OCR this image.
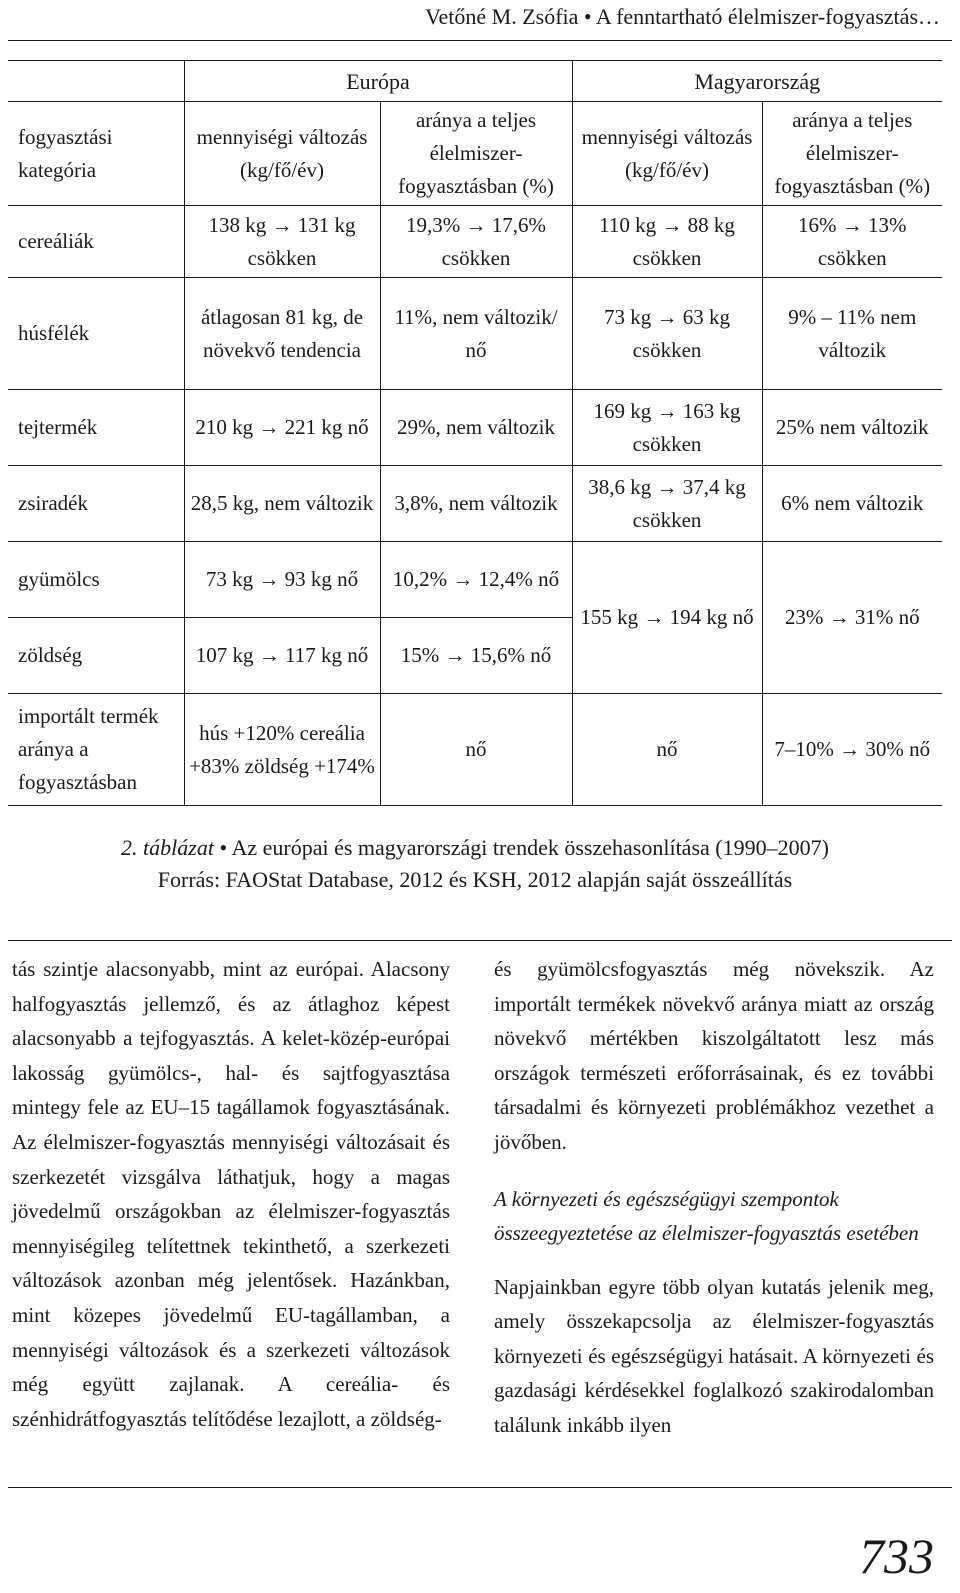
Vetőné M. Zsófia • A fenntartható élelmiszer-fogyasztás…
	Európa		Magyarország	
fogyasztási kategória	mennyiségi változás (kg/fő/év)	aránya a teljes élelmiszer-fogyasztásban (%)	mennyiségi változás (kg/fő/év)	aránya a teljes élelmiszer-fogyasztásban (%)
cereáliák	138 kg → 131 kg csökken	19,3% → 17,6% csökken	110 kg → 88 kg csökken	16% → 13% csökken
húsfélék	átlagosan 81 kg, de növekvő tendencia	11%, nem változik/ nő	73 kg → 63 kg csökken	9% – 11% nem változik
tejtermék	210 kg → 221 kg nő	29%, nem változik	169 kg → 163 kg csökken	25% nem változik
zsiradék	28,5 kg, nem változik	3,8%, nem változik	38,6 kg → 37,4 kg csökken	6% nem változik
gyümölcs	73 kg → 93 kg nő	10,2% → 12,4% nő	155 kg → 194 kg nő	23% → 31% nő
zöldség	107 kg → 117 kg nő	15% → 15,6% nő		
importált termék aránya a fogyasztásban	hús +120% cereália +83% zöldség +174%	nő	nő	7–10% → 30% nő
2. táblázat • Az európai és magyarországi trendek összehasonlítása (1990–2007)
Forrás: FAOStat Database, 2012 és KSH, 2012 alapján saját összeállítás

tás szintje alacsonyabb, mint az európai. Alacsony halfogyasztás jellemző, és az átlaghoz képest alacsonyabb a tejfogyasztás. A kelet-közép-európai lakosság gyümölcs-, hal- és sajtfogyasztása mintegy fele az EU–15 tagállamok fogyasztásának. Az élelmiszer-fogyasztás mennyiségi változásait és szerkezetét vizsgálva láthatjuk, hogy a magas jövedelmű országokban az élelmiszer-fogyasztás mennyiségileg telítettnek tekinthető, a szerkezeti változások azonban még jelentősek. Hazánkban, mint közepes jövedelmű EU-tagállamban, a mennyiségi változások és a szerkezeti változások még együtt zajlanak. A cereália- és szénhidrátfogyasztás telítődése lezajlott, a zöldség-

és gyümölcsfogyasztás még növekszik. Az importált termékek növekvő aránya miatt az ország növekvő mértékben kiszolgáltatott lesz más országok természeti erőforrásainak, és ez további társadalmi és környezeti problémákhoz vezethet a jövőben.

A környezeti és egészségügyi szempontok összeegyeztetése az élelmiszer-fogyasztás esetében

Napjainkban egyre több olyan kutatás jelenik meg, amely összekapcsolja az élelmiszer-fogyasztás környezeti és egészségügyi hatásait. A környezeti és gazdasági kérdésekkel foglalkozó szakirodalomban találunk inkább ilyen

733
